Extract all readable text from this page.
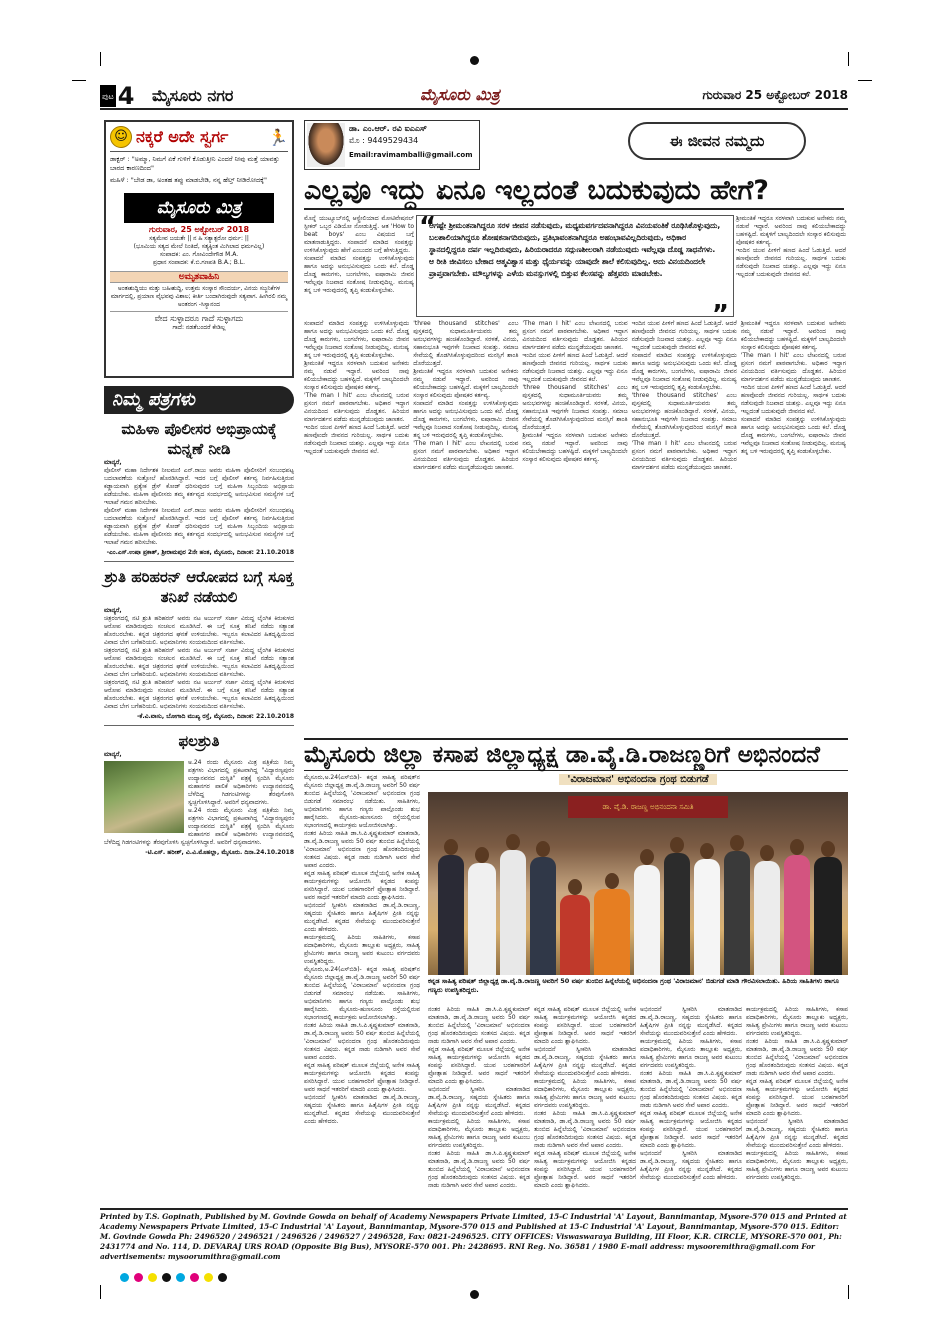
ಪುಟ 4 ಮೈಸೂರು ನಗರ	ಮೈಸೂರು ಮಿತ್ರ	ಗುರುವಾರ 25 ಅಕ್ಟೋಬರ್ 2018
☺ ನಕ್ಕರೆ ಅದೇ ಸ್ವರ್ಗ 🏃
ಡಾಕ್ಟರ್ : "ಅಮ್ಮಾ, ನಿಮಗೆ ಏಕೆ ಗುಳಿಗೆ ಕೊಡುತ್ತೀನಿ ಎಂದರೆ ನೀವು ಮತ್ತೆ ಯಾವತ್ತು ಬಾರದ ಕಾರಣದಿಂದ"
ಮಹಿಳೆ : "ಬೇಡ ಡಾ, ಅಂತಹ ತಪ್ಪು ಮಾಡಬೇಡಿ, ನನ್ನ ಹೆಲ್ತ್ ನೀಡಿರೋದಕ್ಕೆ"
ಮೈಸೂರು ಮಿತ್ರ
ಗುರುವಾರ, 25 ಅಕ್ಟೋಬರ್ 2018
ಸತ್ಯಮೇವ ಜಯತೇ || ನ ಹಿ ಸತ್ಯಾತ್ಪರೋ ಧರ್ಮ: ||
(ಭೂಮಿಯ ಸತ್ಯದ ಮೇಲೆ ನಿಂತಿದೆ, ಸತ್ಯಕ್ಕಿಂತ ಮಿಗಿಲಾದ ಧರ್ಮವಿಲ್ಲ)
ಸಂಪಾದಕ: ಎಂ. ಗೋವಿಂದೇಗೌಡ M.A.
ಪ್ರಧಾನ ಸಂಪಾದಕ: ಕೆ.ಬಿ.ಗಣಪತಿ B.A.; B.L.
ಅಮೃತವಾಹಿನಿ
ಅಂತಃಶುದ್ಧಿಯು ಮತ್ತು ಬಹಿಃಶುದ್ಧಿ, ಉತ್ತಮ ಸಂಸ್ಕಾರ ಸೌಂದರ್ಯ, ವಿನಯ ಸಜ್ಜನಿಕೆಗಳ ಮಾರ್ಗದಲ್ಲಿ, ಪ್ರಯಾಣ ವೈಭವವು ವಿಶಾಲ; ಕೀರ್ತಿ ಬಂದಾಗಿರುವುದೇ ಸತ್ಯವಾಗ. ಹೀಗಿರಲಿ ನಮ್ಮ ಅಂತರಂಗ -ಸಿಸ್ಯಾನಂದ
ವೇದ ಸುಳ್ಳಾದರೂ ಗಾದೆ ಸುಳ್ಳಾಗದು
ಗಾದೆ: ನಡತೆಬಂದರೆ ಕೇಡಿಲ್ಲ
ನಿಮ್ಮ ಪತ್ರಗಳು
ಮಹಿಳಾ ಪೊಲೀಸರ ಅಭಿಪ್ರಾಯಕ್ಕೆ ಮನ್ನಣೆ ನೀಡಿ
ಮಾನ್ಯರೆ,
ಪೊಲೀಸ್ ಮಹಾ ನಿರ್ದೇಶಕ ನೀಲಮಣಿ ಎನ್.ರಾಜು ಅವರು ಮಹಿಳಾ ಪೊಲೀಸರಿಗೆ ಸಂಬಂಧಪಟ್ಟ ಬದಲಾವಣೆಯ ಸುತ್ತೋಲೆ ಹೊರಡಿಸಿದ್ದಾರೆ. ಇದರ ಬಗ್ಗೆ ಪೊಲೀಸ್ ಕರ್ತವ್ಯ ನಿರ್ವಹಿಸುತ್ತಿರುವ ಕಡ್ಡಾಯವಾಗಿ ಪ್ರತ್ಯೇಕ ಡ್ರೆಸ್ ಕೋಡ್ ಧರಿಸುವುದರ ಬಗ್ಗೆ ಮಹಿಳಾ ಸಿಬ್ಬಂದಿಯ ಅಭಿಪ್ರಾಯ ಪಡೆಯಬೇಕು. ಮಹಿಳಾ ಪೊಲೀಸರು ತಮ್ಮ ಕರ್ತವ್ಯದ ಸಂದರ್ಭದಲ್ಲಿ ಅನುಭವಿಸುವ ಸಮಸ್ಯೆಗಳ ಬಗ್ಗೆ ಇಲಾಖೆ ಗಮನ ಹರಿಸಬೇಕು.
ಪೊಲೀಸ್ ಮಹಾ ನಿರ್ದೇಶಕ ನೀಲಮಣಿ ಎನ್.ರಾಜು ಅವರು ಮಹಿಳಾ ಪೊಲೀಸರಿಗೆ ಸಂಬಂಧಪಟ್ಟ ಬದಲಾವಣೆಯ ಸುತ್ತೋಲೆ ಹೊರಡಿಸಿದ್ದಾರೆ. ಇದರ ಬಗ್ಗೆ ಪೊಲೀಸ್ ಕರ್ತವ್ಯ ನಿರ್ವಹಿಸುತ್ತಿರುವ ಕಡ್ಡಾಯವಾಗಿ ಪ್ರತ್ಯೇಕ ಡ್ರೆಸ್ ಕೋಡ್ ಧರಿಸುವುದರ ಬಗ್ಗೆ ಮಹಿಳಾ ಸಿಬ್ಬಂದಿಯ ಅಭಿಪ್ರಾಯ ಪಡೆಯಬೇಕು. ಮಹಿಳಾ ಪೊಲೀಸರು ತಮ್ಮ ಕರ್ತವ್ಯದ ಸಂದರ್ಭದಲ್ಲಿ ಅನುಭವಿಸುವ ಸಮಸ್ಯೆಗಳ ಬಗ್ಗೆ ಇಲಾಖೆ ಗಮನ ಹರಿಸಬೇಕು.
-ಎಂ.ಎಸ್.ಉಷಾ ಪ್ರಕಾಶ್, ಶ್ರೀರಾಮಪುರ 2ನೇ ಹಂತ, ಮೈಸೂರು, ದಿನಾಂಕ: 21.10.2018
ಶ್ರುತಿ ಹರಿಹರನ್ ಆರೋಪದ ಬಗ್ಗೆ ಸೂಕ್ತ ತನಿಖೆ ನಡೆಯಲಿ
ಮಾನ್ಯರೆ,
ಚಿತ್ರರಂಗದಲ್ಲಿ ನಟಿ ಶ್ರುತಿ ಹರಿಹರನ್ ಅವರು ನಟ ಅರ್ಜುನ್ ಸರ್ಜಾ ವಿರುದ್ಧ ಲೈಂಗಿಕ ಕಿರುಕುಳದ ಆರೋಪ ಮಾಡಿರುವುದು ಸಂಚಲನ ಮೂಡಿಸಿದೆ. ಈ ಬಗ್ಗೆ ಸೂಕ್ತ ತನಿಖೆ ನಡೆದು ಸತ್ಯಾಂಶ ಹೊರಬರಬೇಕು. ಕನ್ನಡ ಚಿತ್ರರಂಗದ ಘನತೆ ಉಳಿಯಬೇಕು. ಇಬ್ಬರೂ ಕಲಾವಿದರ ಹಿತದೃಷ್ಟಿಯಿಂದ ವಿವಾದ ಬೇಗ ಬಗೆಹರಿಯಲಿ. ಅಭಿಮಾನಿಗಳು ಸಂಯಮದಿಂದ ವರ್ತಿಸಬೇಕು.
ಚಿತ್ರರಂಗದಲ್ಲಿ ನಟಿ ಶ್ರುತಿ ಹರಿಹರನ್ ಅವರು ನಟ ಅರ್ಜುನ್ ಸರ್ಜಾ ವಿರುದ್ಧ ಲೈಂಗಿಕ ಕಿರುಕುಳದ ಆರೋಪ ಮಾಡಿರುವುದು ಸಂಚಲನ ಮೂಡಿಸಿದೆ. ಈ ಬಗ್ಗೆ ಸೂಕ್ತ ತನಿಖೆ ನಡೆದು ಸತ್ಯಾಂಶ ಹೊರಬರಬೇಕು. ಕನ್ನಡ ಚಿತ್ರರಂಗದ ಘನತೆ ಉಳಿಯಬೇಕು. ಇಬ್ಬರೂ ಕಲಾವಿದರ ಹಿತದೃಷ್ಟಿಯಿಂದ ವಿವಾದ ಬೇಗ ಬಗೆಹರಿಯಲಿ. ಅಭಿಮಾನಿಗಳು ಸಂಯಮದಿಂದ ವರ್ತಿಸಬೇಕು.
ಚಿತ್ರರಂಗದಲ್ಲಿ ನಟಿ ಶ್ರುತಿ ಹರಿಹರನ್ ಅವರು ನಟ ಅರ್ಜುನ್ ಸರ್ಜಾ ವಿರುದ್ಧ ಲೈಂಗಿಕ ಕಿರುಕುಳದ ಆರೋಪ ಮಾಡಿರುವುದು ಸಂಚಲನ ಮೂಡಿಸಿದೆ. ಈ ಬಗ್ಗೆ ಸೂಕ್ತ ತನಿಖೆ ನಡೆದು ಸತ್ಯಾಂಶ ಹೊರಬರಬೇಕು. ಕನ್ನಡ ಚಿತ್ರರಂಗದ ಘನತೆ ಉಳಿಯಬೇಕು. ಇಬ್ಬರೂ ಕಲಾವಿದರ ಹಿತದೃಷ್ಟಿಯಿಂದ ವಿವಾದ ಬೇಗ ಬಗೆಹರಿಯಲಿ. ಅಭಿಮಾನಿಗಳು ಸಂಯಮದಿಂದ ವರ್ತಿಸಬೇಕು.
-ಕೆ.ವಿ.ವಾಸು, ಬೋಗಾದಿ ಮುಖ್ಯ ರಸ್ತೆ, ಮೈಸೂರು, ದಿನಾಂಕ: 22.10.2018
ಫಲಶ್ರುತಿ
ಮಾನ್ಯರೆ,
ಅ.24 ರಂದು ಮೈಸೂರು ಮಿತ್ರ ಪತ್ರಿಕೆಯ ನಿಮ್ಮ ಪತ್ರಗಳು ವಿಭಾಗದಲ್ಲಿ ಪ್ರಕಟವಾಗಿದ್ದ "ವಿದ್ಯಾರಣ್ಯಪುರಂ ಉದ್ಯಾನವನದ ದುಸ್ಥಿತಿ" ಪತ್ರಕ್ಕೆ ಸ್ಪಂದಿಸಿ ಮೈಸೂರು ಮಹಾನಗರ ಪಾಲಿಕೆ ಅಧಿಕಾರಿಗಳು ಉದ್ಯಾನವನದಲ್ಲಿ ಬೆಳೆದಿದ್ದ ಗಿಡಗಂಟಿಗಳನ್ನು ತೆರವುಗೊಳಿಸಿ ಸ್ವಚ್ಛಗೊಳಿಸಿದ್ದಾರೆ. ಅವರಿಗೆ ಧನ್ಯವಾದಗಳು.
ಅ.24 ರಂದು ಮೈಸೂರು ಮಿತ್ರ ಪತ್ರಿಕೆಯ ನಿಮ್ಮ ಪತ್ರಗಳು ವಿಭಾಗದಲ್ಲಿ ಪ್ರಕಟವಾಗಿದ್ದ "ವಿದ್ಯಾರಣ್ಯಪುರಂ ಉದ್ಯಾನವನದ ದುಸ್ಥಿತಿ" ಪತ್ರಕ್ಕೆ ಸ್ಪಂದಿಸಿ ಮೈಸೂರು ಮಹಾನಗರ ಪಾಲಿಕೆ ಅಧಿಕಾರಿಗಳು ಉದ್ಯಾನವನದಲ್ಲಿ ಬೆಳೆದಿದ್ದ ಗಿಡಗಂಟಿಗಳನ್ನು ತೆರವುಗೊಳಿಸಿ ಸ್ವಚ್ಛಗೊಳಿಸಿದ್ದಾರೆ. ಅವರಿಗೆ ಧನ್ಯವಾದಗಳು.
-ಟಿ.ಎಸ್. ಹರೀಶ್, ವಿ.ವಿ.ಮೊಹಲ್ಲಾ, ಮೈಸೂರು. ದಿನಾ.24.10.2018
ಡಾ. ಎಂ.ಆರ್. ರವಿ ಐಎಎಸ್
ಮೊ : 9449529434
Email:ravimamballi@gmail.com
ಈ ಜೀವನ ನಮ್ಮದು
ಎಲ್ಲವೂ ಇದ್ದು ಏನೂ ಇಲ್ಲದಂತೆ ಬದುಕುವುದು ಹೇಗೆ?
ಮೊನ್ನೆ ಯುಟ್ಯೂಬ್‌ನಲ್ಲಿ ಆಸ್ಟ್ರೇಲಿಯಾದ ಮೋಟಿವೇಷನಲ್ ಸ್ಪೀಕರ್ ಒಬ್ಬರ ವಿಡಿಯೋ ನೋಡುತ್ತಿದ್ದೆ. ಆತ 'How to beat boys' ಎಂಬ ವಿಷಯದ ಬಗ್ಗೆ ಮಾತನಾಡುತ್ತಿದ್ದರು. ಸಂಪಾದನೆ ಮಾಡಿದ ಸಂಪತ್ತನ್ನು ಉಳಿಸಿಕೊಳ್ಳುವುದು ಹೇಗೆ ಎಂಬುದರ ಬಗ್ಗೆ ಹೇಳುತ್ತಿದ್ದರು.
ಸಂಪಾದನೆ ಮಾಡಿದ ಸಂಪತ್ತನ್ನು ಉಳಿಸಿಕೊಳ್ಳುವುದು ಹಾಗೂ ಅದನ್ನು ಅನುಭವಿಸುವುದು ಒಂದು ಕಲೆ. ದೊಡ್ಡ ದೊಡ್ಡ ಕಾರುಗಳು, ಬಂಗಲೆಗಳು, ಐಷಾರಾಮಿ ಜೀವನ ಇವೆಲ್ಲವೂ ನಿಜವಾದ ಸಂತೋಷ ನೀಡುವುದಿಲ್ಲ. ಮನುಷ್ಯ ತನ್ನ ಬಳಿ ಇರುವುದರಲ್ಲಿ ತೃಪ್ತಿ ಕಂಡುಕೊಳ್ಳಬೇಕು.
“
ಆಗಷ್ಟೇ ಶ್ರೀಮಂತನಾಗಿದ್ದರೂ ಸರಳ ಜೀವನ ನಡೆಸುವುದು, ಮಧ್ಯಮವರ್ಗದವನಾಗಿದ್ದರೂ ವಿನಯವಂತಿಕೆ ರೂಢಿಸಿಕೊಳ್ಳುವುದು, ಬಲಶಾಲಿಯಾಗಿದ್ದರೂ ಶೋಷಕನಾಗದಿರುವುದು, ಪ್ರತಿಭಾವಂತನಾಗಿದ್ದರೂ ಅಹಂಭಾವವಿಲ್ಲದಿರುವುದು, ಅಧಿಕಾರ ಸ್ಥಾನದಲ್ಲಿದ್ದರೂ ದರ್ಪ ಇಲ್ಲದಿರುವುದು, ಹಿರಿಯರಾದರೂ ಸದ್ಗುಣಶೀಲರಾಗಿ ನಡೆಯುವುದು ಇವೆಲ್ಲವೂ ದೊಡ್ಡ ಸಾಧನೆಗಳು. ಆ ರೀತಿ ಜೀವಿಸಲು ಬೇಕಾದ ಆತ್ಮವಿಶ್ವಾಸ ಮತ್ತು ಧೈರ್ಯವನ್ನು ಯಾವುದೇ ಶಾಲೆ ಕಲಿಸುವುದಿಲ್ಲ. ಅದು ವಿನಯದಿಂದಲೇ ಪ್ರಾಪ್ತವಾಗಬೇಕು. ಮೌಲ್ಯಗಳನ್ನು ಎಳೆಯ ಮನಸ್ಸುಗಳಲ್ಲಿ ಬಿತ್ತುವ ಕೆಲಸವನ್ನು ಹೆತ್ತವರು ಮಾಡಬೇಕು.
”
ಶ್ರೀಮಂತಿಕೆ ಇದ್ದರೂ ಸರಳವಾಗಿ ಬದುಕುವ ಅನೇಕರು ನಮ್ಮ ನಡುವೆ ಇದ್ದಾರೆ. ಅವರಿಂದ ನಾವು ಕಲಿಯಬೇಕಾದದ್ದು ಬಹಳಷ್ಟಿದೆ. ಮಕ್ಕಳಿಗೆ ಬಾಲ್ಯದಿಂದಲೇ ಸಂಸ್ಕಾರ ಕಲಿಸುವುದು ಪೋಷಕರ ಕರ್ತವ್ಯ.
ಇಂದಿನ ಯುವ ಪೀಳಿಗೆ ಹಣದ ಹಿಂದೆ ಓಡುತ್ತಿದೆ. ಆದರೆ ಹಣವೊಂದೇ ಜೀವನದ ಗುರಿಯಲ್ಲ. ಸಾರ್ಥಕ ಬದುಕು ನಡೆಸುವುದೇ ನಿಜವಾದ ಯಶಸ್ಸು. ಎಲ್ಲವೂ ಇದ್ದು ಏನೂ ಇಲ್ಲದಂತೆ ಬದುಕುವುದೇ ಜೀವನದ ಕಲೆ.
ಸಂಪಾದನೆ ಮಾಡಿದ ಸಂಪತ್ತನ್ನು ಉಳಿಸಿಕೊಳ್ಳುವುದು ಹಾಗೂ ಅದನ್ನು ಅನುಭವಿಸುವುದು ಒಂದು ಕಲೆ. ದೊಡ್ಡ ದೊಡ್ಡ ಕಾರುಗಳು, ಬಂಗಲೆಗಳು, ಐಷಾರಾಮಿ ಜೀವನ ಇವೆಲ್ಲವೂ ನಿಜವಾದ ಸಂತೋಷ ನೀಡುವುದಿಲ್ಲ. ಮನುಷ್ಯ ತನ್ನ ಬಳಿ ಇರುವುದರಲ್ಲಿ ತೃಪ್ತಿ ಕಂಡುಕೊಳ್ಳಬೇಕು.
ಶ್ರೀಮಂತಿಕೆ ಇದ್ದರೂ ಸರಳವಾಗಿ ಬದುಕುವ ಅನೇಕರು ನಮ್ಮ ನಡುವೆ ಇದ್ದಾರೆ. ಅವರಿಂದ ನಾವು ಕಲಿಯಬೇಕಾದದ್ದು ಬಹಳಷ್ಟಿದೆ. ಮಕ್ಕಳಿಗೆ ಬಾಲ್ಯದಿಂದಲೇ ಸಂಸ್ಕಾರ ಕಲಿಸುವುದು ಪೋಷಕರ ಕರ್ತವ್ಯ.
'The man I hit' ಎಂಬ ಲೇಖನದಲ್ಲಿ ಬರುವ ಪ್ರಸಂಗ ನಮಗೆ ಪಾಠವಾಗಬೇಕು. ಅಧಿಕಾರ ಇದ್ದಾಗ ವಿನಯದಿಂದ ವರ್ತಿಸುವುದು ದೊಡ್ಡತನ. ಹಿರಿಯರ ಮಾರ್ಗದರ್ಶನ ಪಡೆದು ಮುನ್ನಡೆಯುವುದು ಜಾಣತನ.
ಇಂದಿನ ಯುವ ಪೀಳಿಗೆ ಹಣದ ಹಿಂದೆ ಓಡುತ್ತಿದೆ. ಆದರೆ ಹಣವೊಂದೇ ಜೀವನದ ಗುರಿಯಲ್ಲ. ಸಾರ್ಥಕ ಬದುಕು ನಡೆಸುವುದೇ ನಿಜವಾದ ಯಶಸ್ಸು. ಎಲ್ಲವೂ ಇದ್ದು ಏನೂ ಇಲ್ಲದಂತೆ ಬದುಕುವುದೇ ಜೀವನದ ಕಲೆ.
'three thousand stitches' ಎಂಬ ಪುಸ್ತಕದಲ್ಲಿ ಸುಧಾಮೂರ್ತಿಯವರು ತಮ್ಮ ಅನುಭವಗಳನ್ನು ಹಂಚಿಕೊಂಡಿದ್ದಾರೆ. ಸರಳತೆ, ವಿನಯ, ಸಹಾನುಭೂತಿ ಇವುಗಳೇ ನಿಜವಾದ ಸಂಪತ್ತು. ಸಮಾಜ ಸೇವೆಯಲ್ಲಿ ತೊಡಗಿಸಿಕೊಳ್ಳುವುದರಿಂದ ಮನಸ್ಸಿಗೆ ಶಾಂತಿ ದೊರೆಯುತ್ತದೆ.
ಶ್ರೀಮಂತಿಕೆ ಇದ್ದರೂ ಸರಳವಾಗಿ ಬದುಕುವ ಅನೇಕರು ನಮ್ಮ ನಡುವೆ ಇದ್ದಾರೆ. ಅವರಿಂದ ನಾವು ಕಲಿಯಬೇಕಾದದ್ದು ಬಹಳಷ್ಟಿದೆ. ಮಕ್ಕಳಿಗೆ ಬಾಲ್ಯದಿಂದಲೇ ಸಂಸ್ಕಾರ ಕಲಿಸುವುದು ಪೋಷಕರ ಕರ್ತವ್ಯ.
ಸಂಪಾದನೆ ಮಾಡಿದ ಸಂಪತ್ತನ್ನು ಉಳಿಸಿಕೊಳ್ಳುವುದು ಹಾಗೂ ಅದನ್ನು ಅನುಭವಿಸುವುದು ಒಂದು ಕಲೆ. ದೊಡ್ಡ ದೊಡ್ಡ ಕಾರುಗಳು, ಬಂಗಲೆಗಳು, ಐಷಾರಾಮಿ ಜೀವನ ಇವೆಲ್ಲವೂ ನಿಜವಾದ ಸಂತೋಷ ನೀಡುವುದಿಲ್ಲ. ಮನುಷ್ಯ ತನ್ನ ಬಳಿ ಇರುವುದರಲ್ಲಿ ತೃಪ್ತಿ ಕಂಡುಕೊಳ್ಳಬೇಕು.
'The man I hit' ಎಂಬ ಲೇಖನದಲ್ಲಿ ಬರುವ ಪ್ರಸಂಗ ನಮಗೆ ಪಾಠವಾಗಬೇಕು. ಅಧಿಕಾರ ಇದ್ದಾಗ ವಿನಯದಿಂದ ವರ್ತಿಸುವುದು ದೊಡ್ಡತನ. ಹಿರಿಯರ ಮಾರ್ಗದರ್ಶನ ಪಡೆದು ಮುನ್ನಡೆಯುವುದು ಜಾಣತನ.
'The man I hit' ಎಂಬ ಲೇಖನದಲ್ಲಿ ಬರುವ ಪ್ರಸಂಗ ನಮಗೆ ಪಾಠವಾಗಬೇಕು. ಅಧಿಕಾರ ಇದ್ದಾಗ ವಿನಯದಿಂದ ವರ್ತಿಸುವುದು ದೊಡ್ಡತನ. ಹಿರಿಯರ ಮಾರ್ಗದರ್ಶನ ಪಡೆದು ಮುನ್ನಡೆಯುವುದು ಜಾಣತನ.
ಇಂದಿನ ಯುವ ಪೀಳಿಗೆ ಹಣದ ಹಿಂದೆ ಓಡುತ್ತಿದೆ. ಆದರೆ ಹಣವೊಂದೇ ಜೀವನದ ಗುರಿಯಲ್ಲ. ಸಾರ್ಥಕ ಬದುಕು ನಡೆಸುವುದೇ ನಿಜವಾದ ಯಶಸ್ಸು. ಎಲ್ಲವೂ ಇದ್ದು ಏನೂ ಇಲ್ಲದಂತೆ ಬದುಕುವುದೇ ಜೀವನದ ಕಲೆ.
'three thousand stitches' ಎಂಬ ಪುಸ್ತಕದಲ್ಲಿ ಸುಧಾಮೂರ್ತಿಯವರು ತಮ್ಮ ಅನುಭವಗಳನ್ನು ಹಂಚಿಕೊಂಡಿದ್ದಾರೆ. ಸರಳತೆ, ವಿನಯ, ಸಹಾನುಭೂತಿ ಇವುಗಳೇ ನಿಜವಾದ ಸಂಪತ್ತು. ಸಮಾಜ ಸೇವೆಯಲ್ಲಿ ತೊಡಗಿಸಿಕೊಳ್ಳುವುದರಿಂದ ಮನಸ್ಸಿಗೆ ಶಾಂತಿ ದೊರೆಯುತ್ತದೆ.
ಶ್ರೀಮಂತಿಕೆ ಇದ್ದರೂ ಸರಳವಾಗಿ ಬದುಕುವ ಅನೇಕರು ನಮ್ಮ ನಡುವೆ ಇದ್ದಾರೆ. ಅವರಿಂದ ನಾವು ಕಲಿಯಬೇಕಾದದ್ದು ಬಹಳಷ್ಟಿದೆ. ಮಕ್ಕಳಿಗೆ ಬಾಲ್ಯದಿಂದಲೇ ಸಂಸ್ಕಾರ ಕಲಿಸುವುದು ಪೋಷಕರ ಕರ್ತವ್ಯ.
ಇಂದಿನ ಯುವ ಪೀಳಿಗೆ ಹಣದ ಹಿಂದೆ ಓಡುತ್ತಿದೆ. ಆದರೆ ಹಣವೊಂದೇ ಜೀವನದ ಗುರಿಯಲ್ಲ. ಸಾರ್ಥಕ ಬದುಕು ನಡೆಸುವುದೇ ನಿಜವಾದ ಯಶಸ್ಸು. ಎಲ್ಲವೂ ಇದ್ದು ಏನೂ ಇಲ್ಲದಂತೆ ಬದುಕುವುದೇ ಜೀವನದ ಕಲೆ.
ಸಂಪಾದನೆ ಮಾಡಿದ ಸಂಪತ್ತನ್ನು ಉಳಿಸಿಕೊಳ್ಳುವುದು ಹಾಗೂ ಅದನ್ನು ಅನುಭವಿಸುವುದು ಒಂದು ಕಲೆ. ದೊಡ್ಡ ದೊಡ್ಡ ಕಾರುಗಳು, ಬಂಗಲೆಗಳು, ಐಷಾರಾಮಿ ಜೀವನ ಇವೆಲ್ಲವೂ ನಿಜವಾದ ಸಂತೋಷ ನೀಡುವುದಿಲ್ಲ. ಮನುಷ್ಯ ತನ್ನ ಬಳಿ ಇರುವುದರಲ್ಲಿ ತೃಪ್ತಿ ಕಂಡುಕೊಳ್ಳಬೇಕು.
'three thousand stitches' ಎಂಬ ಪುಸ್ತಕದಲ್ಲಿ ಸುಧಾಮೂರ್ತಿಯವರು ತಮ್ಮ ಅನುಭವಗಳನ್ನು ಹಂಚಿಕೊಂಡಿದ್ದಾರೆ. ಸರಳತೆ, ವಿನಯ, ಸಹಾನುಭೂತಿ ಇವುಗಳೇ ನಿಜವಾದ ಸಂಪತ್ತು. ಸಮಾಜ ಸೇವೆಯಲ್ಲಿ ತೊಡಗಿಸಿಕೊಳ್ಳುವುದರಿಂದ ಮನಸ್ಸಿಗೆ ಶಾಂತಿ ದೊರೆಯುತ್ತದೆ.
'The man I hit' ಎಂಬ ಲೇಖನದಲ್ಲಿ ಬರುವ ಪ್ರಸಂಗ ನಮಗೆ ಪಾಠವಾಗಬೇಕು. ಅಧಿಕಾರ ಇದ್ದಾಗ ವಿನಯದಿಂದ ವರ್ತಿಸುವುದು ದೊಡ್ಡತನ. ಹಿರಿಯರ ಮಾರ್ಗದರ್ಶನ ಪಡೆದು ಮುನ್ನಡೆಯುವುದು ಜಾಣತನ.
ಶ್ರೀಮಂತಿಕೆ ಇದ್ದರೂ ಸರಳವಾಗಿ ಬದುಕುವ ಅನೇಕರು ನಮ್ಮ ನಡುವೆ ಇದ್ದಾರೆ. ಅವರಿಂದ ನಾವು ಕಲಿಯಬೇಕಾದದ್ದು ಬಹಳಷ್ಟಿದೆ. ಮಕ್ಕಳಿಗೆ ಬಾಲ್ಯದಿಂದಲೇ ಸಂಸ್ಕಾರ ಕಲಿಸುವುದು ಪೋಷಕರ ಕರ್ತವ್ಯ.
'The man I hit' ಎಂಬ ಲೇಖನದಲ್ಲಿ ಬರುವ ಪ್ರಸಂಗ ನಮಗೆ ಪಾಠವಾಗಬೇಕು. ಅಧಿಕಾರ ಇದ್ದಾಗ ವಿನಯದಿಂದ ವರ್ತಿಸುವುದು ದೊಡ್ಡತನ. ಹಿರಿಯರ ಮಾರ್ಗದರ್ಶನ ಪಡೆದು ಮುನ್ನಡೆಯುವುದು ಜಾಣತನ.
ಇಂದಿನ ಯುವ ಪೀಳಿಗೆ ಹಣದ ಹಿಂದೆ ಓಡುತ್ತಿದೆ. ಆದರೆ ಹಣವೊಂದೇ ಜೀವನದ ಗುರಿಯಲ್ಲ. ಸಾರ್ಥಕ ಬದುಕು ನಡೆಸುವುದೇ ನಿಜವಾದ ಯಶಸ್ಸು. ಎಲ್ಲವೂ ಇದ್ದು ಏನೂ ಇಲ್ಲದಂತೆ ಬದುಕುವುದೇ ಜೀವನದ ಕಲೆ.
ಸಂಪಾದನೆ ಮಾಡಿದ ಸಂಪತ್ತನ್ನು ಉಳಿಸಿಕೊಳ್ಳುವುದು ಹಾಗೂ ಅದನ್ನು ಅನುಭವಿಸುವುದು ಒಂದು ಕಲೆ. ದೊಡ್ಡ ದೊಡ್ಡ ಕಾರುಗಳು, ಬಂಗಲೆಗಳು, ಐಷಾರಾಮಿ ಜೀವನ ಇವೆಲ್ಲವೂ ನಿಜವಾದ ಸಂತೋಷ ನೀಡುವುದಿಲ್ಲ. ಮನುಷ್ಯ ತನ್ನ ಬಳಿ ಇರುವುದರಲ್ಲಿ ತೃಪ್ತಿ ಕಂಡುಕೊಳ್ಳಬೇಕು.
ಮೈಸೂರು ಜಿಲ್ಲಾ ಕಸಾಪ ಜಿಲ್ಲಾಧ್ಯಕ್ಷ ಡಾ.ವೈ.ಡಿ.ರಾಜಣ್ಣರಿಗೆ ಅಭಿನಂದನೆ
ಮೈಸೂರು,ಅ.24(ಎಸ್‌ಬಿಡಿ)- ಕನ್ನಡ ಸಾಹಿತ್ಯ ಪರಿಷತ್‌ನ ಮೈಸೂರು ಜಿಲ್ಲಾಧ್ಯಕ್ಷ ಡಾ.ವೈ.ಡಿ.ರಾಜಣ್ಣ ಅವರಿಗೆ 50 ವರ್ಷ ತುಂಬಿದ ಹಿನ್ನೆಲೆಯಲ್ಲಿ 'ವಿರಾಜಮಾನ' ಅಭಿನಂದನಾ ಗ್ರಂಥ ಬಿಡುಗಡೆ ಸಮಾರಂಭ ನಡೆಯಿತು. ಸಾಹಿತಿಗಳು, ಅಭಿಮಾನಿಗಳು ಹಾಗೂ ಗಣ್ಯರು ಪಾಲ್ಗೊಂಡು ಶುಭ ಹಾರೈಸಿದರು. ಮೈಸೂರು-ಹುಣಸೂರು ರಸ್ತೆಯಲ್ಲಿರುವ ಸಭಾಂಗಣದಲ್ಲಿ ಕಾರ್ಯಕ್ರಮ ಆಯೋಜಿಸಲಾಗಿತ್ತು.
ನಂತರ ಹಿರಿಯ ಸಾಹಿತಿ ಡಾ.ಸಿ.ಪಿ.ಕೃಷ್ಣಕುಮಾರ್ ಮಾತನಾಡಿ, ಡಾ.ವೈ.ಡಿ.ರಾಜಣ್ಣ ಅವರು 50 ವರ್ಷ ತುಂಬಿದ ಹಿನ್ನೆಲೆಯಲ್ಲಿ 'ವಿರಾಜಮಾನ' ಅಭಿನಂದನಾ ಗ್ರಂಥ ಹೊರತಂದಿರುವುದು ಸಂತಸದ ವಿಷಯ. ಕನ್ನಡ ನಾಡು ನುಡಿಗಾಗಿ ಅವರ ಸೇವೆ ಅಪಾರ ಎಂದರು.
ಕನ್ನಡ ಸಾಹಿತ್ಯ ಪರಿಷತ್ ಮೂಲಕ ಜಿಲ್ಲೆಯಲ್ಲಿ ಅನೇಕ ಸಾಹಿತ್ಯ ಕಾರ್ಯಕ್ರಮಗಳನ್ನು ಆಯೋಜಿಸಿ ಕನ್ನಡದ ಕಂಪನ್ನು ಪಸರಿಸಿದ್ದಾರೆ. ಯುವ ಬರಹಗಾರರಿಗೆ ಪ್ರೋತ್ಸಾಹ ನೀಡಿದ್ದಾರೆ. ಅವರ ಸಾಧನೆ ಇತರರಿಗೆ ಮಾದರಿ ಎಂದು ಶ್ಲಾಘಿಸಿದರು.
ಅಭಿನಂದನೆ ಸ್ವೀಕರಿಸಿ ಮಾತನಾಡಿದ ಡಾ.ವೈ.ಡಿ.ರಾಜಣ್ಣ, ಸಹೃದಯ ಸ್ನೇಹಿತರು ಹಾಗೂ ಹಿತೈಷಿಗಳ ಪ್ರೀತಿ ನನ್ನನ್ನು ಮುನ್ನಡೆಸಿದೆ. ಕನ್ನಡದ ಸೇವೆಯನ್ನು ಮುಂದುವರಿಸುತ್ತೇನೆ ಎಂದು ಹೇಳಿದರು.
ಕಾರ್ಯಕ್ರಮದಲ್ಲಿ ಹಿರಿಯ ಸಾಹಿತಿಗಳು, ಕಸಾಪ ಪದಾಧಿಕಾರಿಗಳು, ಮೈಸೂರು ತಾಲ್ಲೂಕು ಅಧ್ಯಕ್ಷರು, ಸಾಹಿತ್ಯ ಪ್ರೇಮಿಗಳು ಹಾಗೂ ರಾಜಣ್ಣ ಅವರ ಕುಟುಂಬ ವರ್ಗದವರು ಉಪಸ್ಥಿತರಿದ್ದರು.
ಮೈಸೂರು,ಅ.24(ಎಸ್‌ಬಿಡಿ)- ಕನ್ನಡ ಸಾಹಿತ್ಯ ಪರಿಷತ್‌ನ ಮೈಸೂರು ಜಿಲ್ಲಾಧ್ಯಕ್ಷ ಡಾ.ವೈ.ಡಿ.ರಾಜಣ್ಣ ಅವರಿಗೆ 50 ವರ್ಷ ತುಂಬಿದ ಹಿನ್ನೆಲೆಯಲ್ಲಿ 'ವಿರಾಜಮಾನ' ಅಭಿನಂದನಾ ಗ್ರಂಥ ಬಿಡುಗಡೆ ಸಮಾರಂಭ ನಡೆಯಿತು. ಸಾಹಿತಿಗಳು, ಅಭಿಮಾನಿಗಳು ಹಾಗೂ ಗಣ್ಯರು ಪಾಲ್ಗೊಂಡು ಶುಭ ಹಾರೈಸಿದರು. ಮೈಸೂರು-ಹುಣಸೂರು ರಸ್ತೆಯಲ್ಲಿರುವ ಸಭಾಂಗಣದಲ್ಲಿ ಕಾರ್ಯಕ್ರಮ ಆಯೋಜಿಸಲಾಗಿತ್ತು.
ನಂತರ ಹಿರಿಯ ಸಾಹಿತಿ ಡಾ.ಸಿ.ಪಿ.ಕೃಷ್ಣಕುಮಾರ್ ಮಾತನಾಡಿ, ಡಾ.ವೈ.ಡಿ.ರಾಜಣ್ಣ ಅವರು 50 ವರ್ಷ ತುಂಬಿದ ಹಿನ್ನೆಲೆಯಲ್ಲಿ 'ವಿರಾಜಮಾನ' ಅಭಿನಂದನಾ ಗ್ರಂಥ ಹೊರತಂದಿರುವುದು ಸಂತಸದ ವಿಷಯ. ಕನ್ನಡ ನಾಡು ನುಡಿಗಾಗಿ ಅವರ ಸೇವೆ ಅಪಾರ ಎಂದರು.
ಕನ್ನಡ ಸಾಹಿತ್ಯ ಪರಿಷತ್ ಮೂಲಕ ಜಿಲ್ಲೆಯಲ್ಲಿ ಅನೇಕ ಸಾಹಿತ್ಯ ಕಾರ್ಯಕ್ರಮಗಳನ್ನು ಆಯೋಜಿಸಿ ಕನ್ನಡದ ಕಂಪನ್ನು ಪಸರಿಸಿದ್ದಾರೆ. ಯುವ ಬರಹಗಾರರಿಗೆ ಪ್ರೋತ್ಸಾಹ ನೀಡಿದ್ದಾರೆ. ಅವರ ಸಾಧನೆ ಇತರರಿಗೆ ಮಾದರಿ ಎಂದು ಶ್ಲಾಘಿಸಿದರು.
ಅಭಿನಂದನೆ ಸ್ವೀಕರಿಸಿ ಮಾತನಾಡಿದ ಡಾ.ವೈ.ಡಿ.ರಾಜಣ್ಣ, ಸಹೃದಯ ಸ್ನೇಹಿತರು ಹಾಗೂ ಹಿತೈಷಿಗಳ ಪ್ರೀತಿ ನನ್ನನ್ನು ಮುನ್ನಡೆಸಿದೆ. ಕನ್ನಡದ ಸೇವೆಯನ್ನು ಮುಂದುವರಿಸುತ್ತೇನೆ ಎಂದು ಹೇಳಿದರು.
'ವಿರಾಜಮಾನ' ಅಭಿನಂದನಾ ಗ್ರಂಥ ಬಿಡುಗಡೆ
ಡಾ. ವೈ.ಡಿ. ರಾಜಣ್ಣ ಅಭಿನಂದನಾ ಸಮಿತಿ
ಕನ್ನಡ ಸಾಹಿತ್ಯ ಪರಿಷತ್ ಜಿಲ್ಲಾಧ್ಯಕ್ಷ ಡಾ.ವೈ.ಡಿ.ರಾಜಣ್ಣ ಅವರಿಗೆ 50 ವರ್ಷ ತುಂಬಿದ ಹಿನ್ನೆಲೆಯಲ್ಲಿ ಅಭಿನಂದನಾ ಗ್ರಂಥ 'ವಿರಾಜಮಾನ' ಬಿಡುಗಡೆ ಮಾಡಿ ಗೌರವಿಸಲಾಯಿತು. ಹಿರಿಯ ಸಾಹಿತಿಗಳು ಹಾಗೂ ಗಣ್ಯರು ಉಪಸ್ಥಿತರಿದ್ದರು.
ನಂತರ ಹಿರಿಯ ಸಾಹಿತಿ ಡಾ.ಸಿ.ಪಿ.ಕೃಷ್ಣಕುಮಾರ್ ಮಾತನಾಡಿ, ಡಾ.ವೈ.ಡಿ.ರಾಜಣ್ಣ ಅವರು 50 ವರ್ಷ ತುಂಬಿದ ಹಿನ್ನೆಲೆಯಲ್ಲಿ 'ವಿರಾಜಮಾನ' ಅಭಿನಂದನಾ ಗ್ರಂಥ ಹೊರತಂದಿರುವುದು ಸಂತಸದ ವಿಷಯ. ಕನ್ನಡ ನಾಡು ನುಡಿಗಾಗಿ ಅವರ ಸೇವೆ ಅಪಾರ ಎಂದರು.
ಕನ್ನಡ ಸಾಹಿತ್ಯ ಪರಿಷತ್ ಮೂಲಕ ಜಿಲ್ಲೆಯಲ್ಲಿ ಅನೇಕ ಸಾಹಿತ್ಯ ಕಾರ್ಯಕ್ರಮಗಳನ್ನು ಆಯೋಜಿಸಿ ಕನ್ನಡದ ಕಂಪನ್ನು ಪಸರಿಸಿದ್ದಾರೆ. ಯುವ ಬರಹಗಾರರಿಗೆ ಪ್ರೋತ್ಸಾಹ ನೀಡಿದ್ದಾರೆ. ಅವರ ಸಾಧನೆ ಇತರರಿಗೆ ಮಾದರಿ ಎಂದು ಶ್ಲಾಘಿಸಿದರು.
ಅಭಿನಂದನೆ ಸ್ವೀಕರಿಸಿ ಮಾತನಾಡಿದ ಡಾ.ವೈ.ಡಿ.ರಾಜಣ್ಣ, ಸಹೃದಯ ಸ್ನೇಹಿತರು ಹಾಗೂ ಹಿತೈಷಿಗಳ ಪ್ರೀತಿ ನನ್ನನ್ನು ಮುನ್ನಡೆಸಿದೆ. ಕನ್ನಡದ ಸೇವೆಯನ್ನು ಮುಂದುವರಿಸುತ್ತೇನೆ ಎಂದು ಹೇಳಿದರು.
ಕಾರ್ಯಕ್ರಮದಲ್ಲಿ ಹಿರಿಯ ಸಾಹಿತಿಗಳು, ಕಸಾಪ ಪದಾಧಿಕಾರಿಗಳು, ಮೈಸೂರು ತಾಲ್ಲೂಕು ಅಧ್ಯಕ್ಷರು, ಸಾಹಿತ್ಯ ಪ್ರೇಮಿಗಳು ಹಾಗೂ ರಾಜಣ್ಣ ಅವರ ಕುಟುಂಬ ವರ್ಗದವರು ಉಪಸ್ಥಿತರಿದ್ದರು.
ನಂತರ ಹಿರಿಯ ಸಾಹಿತಿ ಡಾ.ಸಿ.ಪಿ.ಕೃಷ್ಣಕುಮಾರ್ ಮಾತನಾಡಿ, ಡಾ.ವೈ.ಡಿ.ರಾಜಣ್ಣ ಅವರು 50 ವರ್ಷ ತುಂಬಿದ ಹಿನ್ನೆಲೆಯಲ್ಲಿ 'ವಿರಾಜಮಾನ' ಅಭಿನಂದನಾ ಗ್ರಂಥ ಹೊರತಂದಿರುವುದು ಸಂತಸದ ವಿಷಯ. ಕನ್ನಡ ನಾಡು ನುಡಿಗಾಗಿ ಅವರ ಸೇವೆ ಅಪಾರ ಎಂದರು.
ಕನ್ನಡ ಸಾಹಿತ್ಯ ಪರಿಷತ್ ಮೂಲಕ ಜಿಲ್ಲೆಯಲ್ಲಿ ಅನೇಕ ಸಾಹಿತ್ಯ ಕಾರ್ಯಕ್ರಮಗಳನ್ನು ಆಯೋಜಿಸಿ ಕನ್ನಡದ ಕಂಪನ್ನು ಪಸರಿಸಿದ್ದಾರೆ. ಯುವ ಬರಹಗಾರರಿಗೆ ಪ್ರೋತ್ಸಾಹ ನೀಡಿದ್ದಾರೆ. ಅವರ ಸಾಧನೆ ಇತರರಿಗೆ ಮಾದರಿ ಎಂದು ಶ್ಲಾಘಿಸಿದರು.
ಅಭಿನಂದನೆ ಸ್ವೀಕರಿಸಿ ಮಾತನಾಡಿದ ಡಾ.ವೈ.ಡಿ.ರಾಜಣ್ಣ, ಸಹೃದಯ ಸ್ನೇಹಿತರು ಹಾಗೂ ಹಿತೈಷಿಗಳ ಪ್ರೀತಿ ನನ್ನನ್ನು ಮುನ್ನಡೆಸಿದೆ. ಕನ್ನಡದ ಸೇವೆಯನ್ನು ಮುಂದುವರಿಸುತ್ತೇನೆ ಎಂದು ಹೇಳಿದರು.
ಕಾರ್ಯಕ್ರಮದಲ್ಲಿ ಹಿರಿಯ ಸಾಹಿತಿಗಳು, ಕಸಾಪ ಪದಾಧಿಕಾರಿಗಳು, ಮೈಸೂರು ತಾಲ್ಲೂಕು ಅಧ್ಯಕ್ಷರು, ಸಾಹಿತ್ಯ ಪ್ರೇಮಿಗಳು ಹಾಗೂ ರಾಜಣ್ಣ ಅವರ ಕುಟುಂಬ ವರ್ಗದವರು ಉಪಸ್ಥಿತರಿದ್ದರು.
ನಂತರ ಹಿರಿಯ ಸಾಹಿತಿ ಡಾ.ಸಿ.ಪಿ.ಕೃಷ್ಣಕುಮಾರ್ ಮಾತನಾಡಿ, ಡಾ.ವೈ.ಡಿ.ರಾಜಣ್ಣ ಅವರು 50 ವರ್ಷ ತುಂಬಿದ ಹಿನ್ನೆಲೆಯಲ್ಲಿ 'ವಿರಾಜಮಾನ' ಅಭಿನಂದನಾ ಗ್ರಂಥ ಹೊರತಂದಿರುವುದು ಸಂತಸದ ವಿಷಯ. ಕನ್ನಡ ನಾಡು ನುಡಿಗಾಗಿ ಅವರ ಸೇವೆ ಅಪಾರ ಎಂದರು.
ಕನ್ನಡ ಸಾಹಿತ್ಯ ಪರಿಷತ್ ಮೂಲಕ ಜಿಲ್ಲೆಯಲ್ಲಿ ಅನೇಕ ಸಾಹಿತ್ಯ ಕಾರ್ಯಕ್ರಮಗಳನ್ನು ಆಯೋಜಿಸಿ ಕನ್ನಡದ ಕಂಪನ್ನು ಪಸರಿಸಿದ್ದಾರೆ. ಯುವ ಬರಹಗಾರರಿಗೆ ಪ್ರೋತ್ಸಾಹ ನೀಡಿದ್ದಾರೆ. ಅವರ ಸಾಧನೆ ಇತರರಿಗೆ ಮಾದರಿ ಎಂದು ಶ್ಲಾಘಿಸಿದರು.
ಅಭಿನಂದನೆ ಸ್ವೀಕರಿಸಿ ಮಾತನಾಡಿದ ಡಾ.ವೈ.ಡಿ.ರಾಜಣ್ಣ, ಸಹೃದಯ ಸ್ನೇಹಿತರು ಹಾಗೂ ಹಿತೈಷಿಗಳ ಪ್ರೀತಿ ನನ್ನನ್ನು ಮುನ್ನಡೆಸಿದೆ. ಕನ್ನಡದ ಸೇವೆಯನ್ನು ಮುಂದುವರಿಸುತ್ತೇನೆ ಎಂದು ಹೇಳಿದರು.
ಕಾರ್ಯಕ್ರಮದಲ್ಲಿ ಹಿರಿಯ ಸಾಹಿತಿಗಳು, ಕಸಾಪ ಪದಾಧಿಕಾರಿಗಳು, ಮೈಸೂರು ತಾಲ್ಲೂಕು ಅಧ್ಯಕ್ಷರು, ಸಾಹಿತ್ಯ ಪ್ರೇಮಿಗಳು ಹಾಗೂ ರಾಜಣ್ಣ ಅವರ ಕುಟುಂಬ ವರ್ಗದವರು ಉಪಸ್ಥಿತರಿದ್ದರು.
ನಂತರ ಹಿರಿಯ ಸಾಹಿತಿ ಡಾ.ಸಿ.ಪಿ.ಕೃಷ್ಣಕುಮಾರ್ ಮಾತನಾಡಿ, ಡಾ.ವೈ.ಡಿ.ರಾಜಣ್ಣ ಅವರು 50 ವರ್ಷ ತುಂಬಿದ ಹಿನ್ನೆಲೆಯಲ್ಲಿ 'ವಿರಾಜಮಾನ' ಅಭಿನಂದನಾ ಗ್ರಂಥ ಹೊರತಂದಿರುವುದು ಸಂತಸದ ವಿಷಯ. ಕನ್ನಡ ನಾಡು ನುಡಿಗಾಗಿ ಅವರ ಸೇವೆ ಅಪಾರ ಎಂದರು.
ಕನ್ನಡ ಸಾಹಿತ್ಯ ಪರಿಷತ್ ಮೂಲಕ ಜಿಲ್ಲೆಯಲ್ಲಿ ಅನೇಕ ಸಾಹಿತ್ಯ ಕಾರ್ಯಕ್ರಮಗಳನ್ನು ಆಯೋಜಿಸಿ ಕನ್ನಡದ ಕಂಪನ್ನು ಪಸರಿಸಿದ್ದಾರೆ. ಯುವ ಬರಹಗಾರರಿಗೆ ಪ್ರೋತ್ಸಾಹ ನೀಡಿದ್ದಾರೆ. ಅವರ ಸಾಧನೆ ಇತರರಿಗೆ ಮಾದರಿ ಎಂದು ಶ್ಲಾಘಿಸಿದರು.
ಅಭಿನಂದನೆ ಸ್ವೀಕರಿಸಿ ಮಾತನಾಡಿದ ಡಾ.ವೈ.ಡಿ.ರಾಜಣ್ಣ, ಸಹೃದಯ ಸ್ನೇಹಿತರು ಹಾಗೂ ಹಿತೈಷಿಗಳ ಪ್ರೀತಿ ನನ್ನನ್ನು ಮುನ್ನಡೆಸಿದೆ. ಕನ್ನಡದ ಸೇವೆಯನ್ನು ಮುಂದುವರಿಸುತ್ತೇನೆ ಎಂದು ಹೇಳಿದರು.
ಕಾರ್ಯಕ್ರಮದಲ್ಲಿ ಹಿರಿಯ ಸಾಹಿತಿಗಳು, ಕಸಾಪ ಪದಾಧಿಕಾರಿಗಳು, ಮೈಸೂರು ತಾಲ್ಲೂಕು ಅಧ್ಯಕ್ಷರು, ಸಾಹಿತ್ಯ ಪ್ರೇಮಿಗಳು ಹಾಗೂ ರಾಜಣ್ಣ ಅವರ ಕುಟುಂಬ ವರ್ಗದವರು ಉಪಸ್ಥಿತರಿದ್ದರು.
ನಂತರ ಹಿರಿಯ ಸಾಹಿತಿ ಡಾ.ಸಿ.ಪಿ.ಕೃಷ್ಣಕುಮಾರ್ ಮಾತನಾಡಿ, ಡಾ.ವೈ.ಡಿ.ರಾಜಣ್ಣ ಅವರು 50 ವರ್ಷ ತುಂಬಿದ ಹಿನ್ನೆಲೆಯಲ್ಲಿ 'ವಿರಾಜಮಾನ' ಅಭಿನಂದನಾ ಗ್ರಂಥ ಹೊರತಂದಿರುವುದು ಸಂತಸದ ವಿಷಯ. ಕನ್ನಡ ನಾಡು ನುಡಿಗಾಗಿ ಅವರ ಸೇವೆ ಅಪಾರ ಎಂದರು.
ಕನ್ನಡ ಸಾಹಿತ್ಯ ಪರಿಷತ್ ಮೂಲಕ ಜಿಲ್ಲೆಯಲ್ಲಿ ಅನೇಕ ಸಾಹಿತ್ಯ ಕಾರ್ಯಕ್ರಮಗಳನ್ನು ಆಯೋಜಿಸಿ ಕನ್ನಡದ ಕಂಪನ್ನು ಪಸರಿಸಿದ್ದಾರೆ. ಯುವ ಬರಹಗಾರರಿಗೆ ಪ್ರೋತ್ಸಾಹ ನೀಡಿದ್ದಾರೆ. ಅವರ ಸಾಧನೆ ಇತರರಿಗೆ ಮಾದರಿ ಎಂದು ಶ್ಲಾಘಿಸಿದರು.
ಅಭಿನಂದನೆ ಸ್ವೀಕರಿಸಿ ಮಾತನಾಡಿದ ಡಾ.ವೈ.ಡಿ.ರಾಜಣ್ಣ, ಸಹೃದಯ ಸ್ನೇಹಿತರು ಹಾಗೂ ಹಿತೈಷಿಗಳ ಪ್ರೀತಿ ನನ್ನನ್ನು ಮುನ್ನಡೆಸಿದೆ. ಕನ್ನಡದ ಸೇವೆಯನ್ನು ಮುಂದುವರಿಸುತ್ತೇನೆ ಎಂದು ಹೇಳಿದರು.
ಕಾರ್ಯಕ್ರಮದಲ್ಲಿ ಹಿರಿಯ ಸಾಹಿತಿಗಳು, ಕಸಾಪ ಪದಾಧಿಕಾರಿಗಳು, ಮೈಸೂರು ತಾಲ್ಲೂಕು ಅಧ್ಯಕ್ಷರು, ಸಾಹಿತ್ಯ ಪ್ರೇಮಿಗಳು ಹಾಗೂ ರಾಜಣ್ಣ ಅವರ ಕುಟುಂಬ ವರ್ಗದವರು ಉಪಸ್ಥಿತರಿದ್ದರು.
Printed by T.S. Gopinath, Published by M. Govinde Gowda on behalf of Academy Newspapers Private Limited, 15-C Industrial 'A' Layout, Bannimantap, Mysore-570 015 and Printed at Academy Newspapers Private Limited, 15-C Industrial 'A' Layout, Bannimantap, Mysore-570 015 and Published at 15-C Industrial 'A' Layout, Bannimantap, Mysore-570 015. Editor: M. Govinde Gowda Ph: 2496520 / 2496521 / 2496526 / 2496527 / 2496528, Fax: 0821-2496525. CITY OFFICES: Viswaswaraya Building, III Floor, K.R. CIRCLE, MYSORE-570 001, Ph: 2431774 and No. 114, D. DEVARAJ URS ROAD (Opposite Big Bus), MYSORE-570 001. Ph: 2428695. RNI Reg. No. 36581 / 1980 E-mail address: mysooremithra@gmail.com For advertisements: mysoorumithra@gmail.com
